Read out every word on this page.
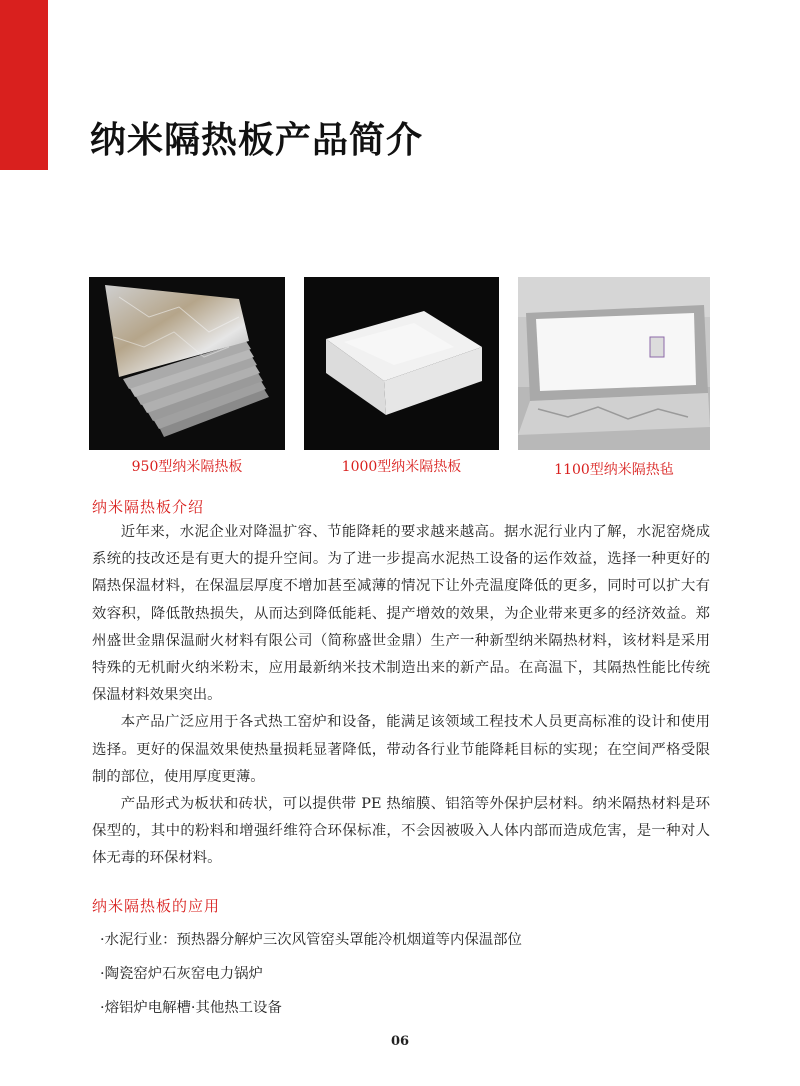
纳米隔热板产品简介
950型纳米隔热板	1000型纳米隔热板	1100型纳米隔热毡
纳米隔热板介绍

近年来，水泥企业对降温扩容、节能降耗的要求越来越高。据水泥行业内了解，水泥窑烧成系统的技改还是有更大的提升空间。为了进一步提高水泥热工设备的运作效益，选择一种更好的隔热保温材料，在保温层厚度不增加甚至减薄的情况下让外壳温度降低的更多，同时可以扩大有效容积，降低散热损失，从而达到降低能耗、提产增效的效果，为企业带来更多的经济效益。郑州盛世金鼎保温耐火材料有限公司（简称盛世金鼎）生产一种新型纳米隔热材料，该材料是采用特殊的无机耐火纳米粉末，应用最新纳米技术制造出来的新产品。在高温下，其隔热性能比传统保温材料效果突出。

本产品广泛应用于各式热工窑炉和设备，能满足该领域工程技术人员更高标准的设计和使用选择。更好的保温效果使热量损耗显著降低，带动各行业节能降耗目标的实现；在空间严格受限制的部位，使用厚度更薄。

产品形式为板状和砖状，可以提供带 PE 热缩膜、铝箔等外保护层材料。纳米隔热材料是环保型的，其中的粉料和增强纤维符合环保标准，不会因被吸入人体内部而造成危害，是一种对人体无毒的环保材料。

纳米隔热板的应用
·水泥行业：预热器分解炉三次风管窑头罩能冷机烟道等内保温部位
·陶瓷窑炉石灰窑电力锅炉
·熔铝炉电解槽·其他热工设备
06
